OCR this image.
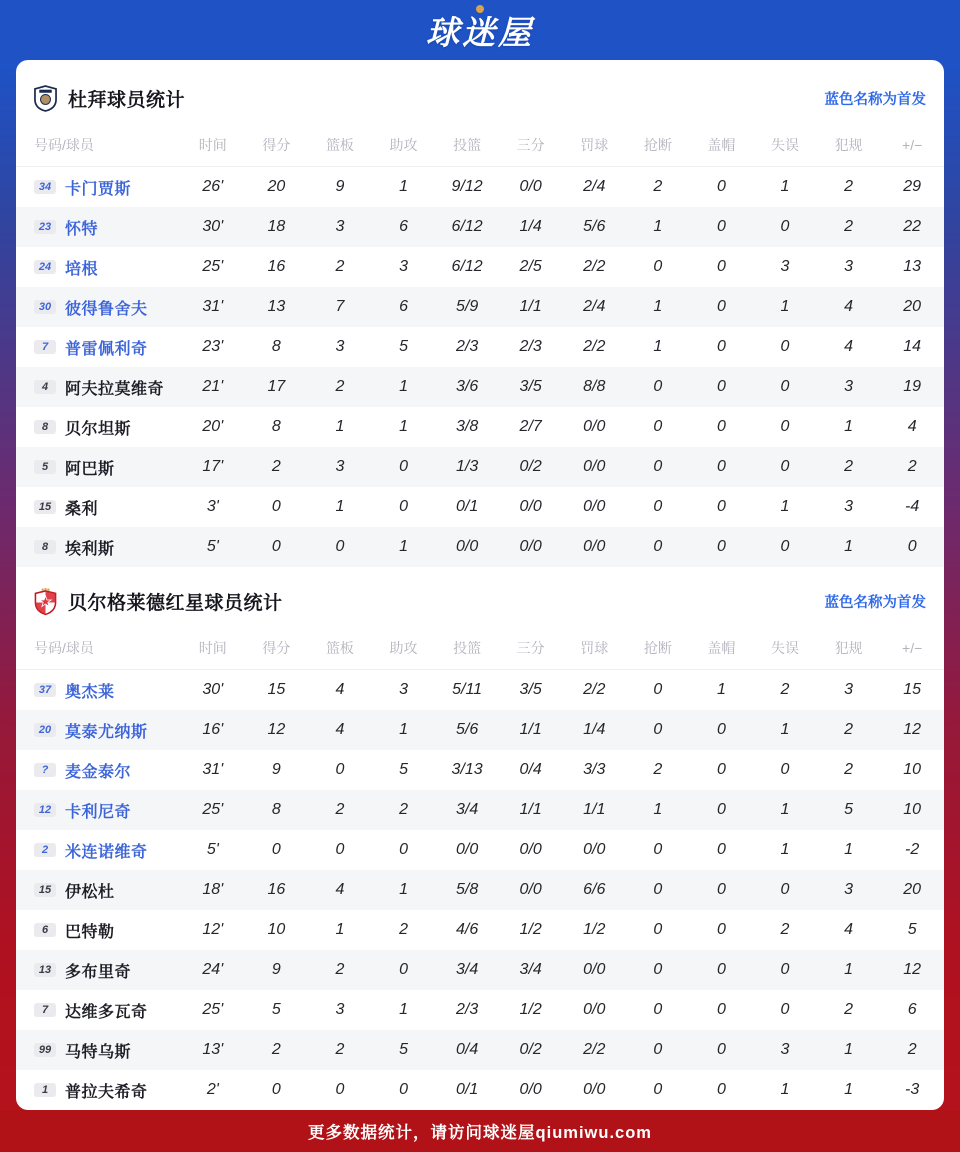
球迷屋
杜拜球员统计	蓝色名称为首发
号码/球员	时间	得分	篮板	助攻	投篮	三分	罚球	抢断	盖帽	失误	犯规	+/−
34 卡门贾斯	26'	20	9	1	9/12	0/0	2/4	2	0	1	2	29
23 怀特	30'	18	3	6	6/12	1/4	5/6	1	0	0	2	22
24 培根	25'	16	2	3	6/12	2/5	2/2	0	0	3	3	13
30 彼得鲁舍夫	31'	13	7	6	5/9	1/1	2/4	1	0	1	4	20
7	普雷佩利奇	23'	8	3	5	2/3	2/3	2/2	1	0	0	4	14
4	阿夫拉莫维奇	21'	17	2	1	3/6	3/5	8/8	0	0	0	3	19
8	贝尔坦斯	20'	8	1	1	3/8	2/7	0/0	0	0	0	1	4
5	阿巴斯	17'	2	3	0	1/3	0/2	0/0	0	0	0	2	2
15 桑利	3'	0	1	0	0/1	0/0	0/0	0	0	1	3	-4
8	埃利斯	5'	0	0	1	0/0	0/0	0/0	0	0	0	1	0
贝尔格莱德红星球员统计	蓝色名称为首发
号码/球员	时间	得分	篮板	助攻	投篮	三分	罚球	抢断	盖帽	失误	犯规	+/−
37 奥杰莱	30'	15	4	3	5/11	3/5	2/2	0	1	2	3	15
20 莫泰尤纳斯	16'	12	4	1	5/6	1/1	1/4	0	0	1	2	12
?	麦金泰尔	31'	9	0	5	3/13	0/4	3/3	2	0	0	2	10
12 卡利尼奇	25'	8	2	2	3/4	1/1	1/1	1	0	1	5	10
2	米连诺维奇	5'	0	0	0	0/0	0/0	0/0	0	0	1	1	-2
15 伊松杜	18'	16	4	1	5/8	0/0	6/6	0	0	0	3	20
6	巴特勒	12'	10	1	2	4/6	1/2	1/2	0	0	2	4	5
13 多布里奇	24'	9	2	0	3/4	3/4	0/0	0	0	0	1	12
7	达维多瓦奇	25'	5	3	1	2/3	1/2	0/0	0	0	0	2	6
99 马特乌斯	13'	2	2	5	0/4	0/2	2/2	0	0	3	1	2
1	普拉夫希奇	2'	0	0	0	0/1	0/0	0/0	0	0	1	1	-3
更多数据统计，请访问球迷屋qiumiwu.com
